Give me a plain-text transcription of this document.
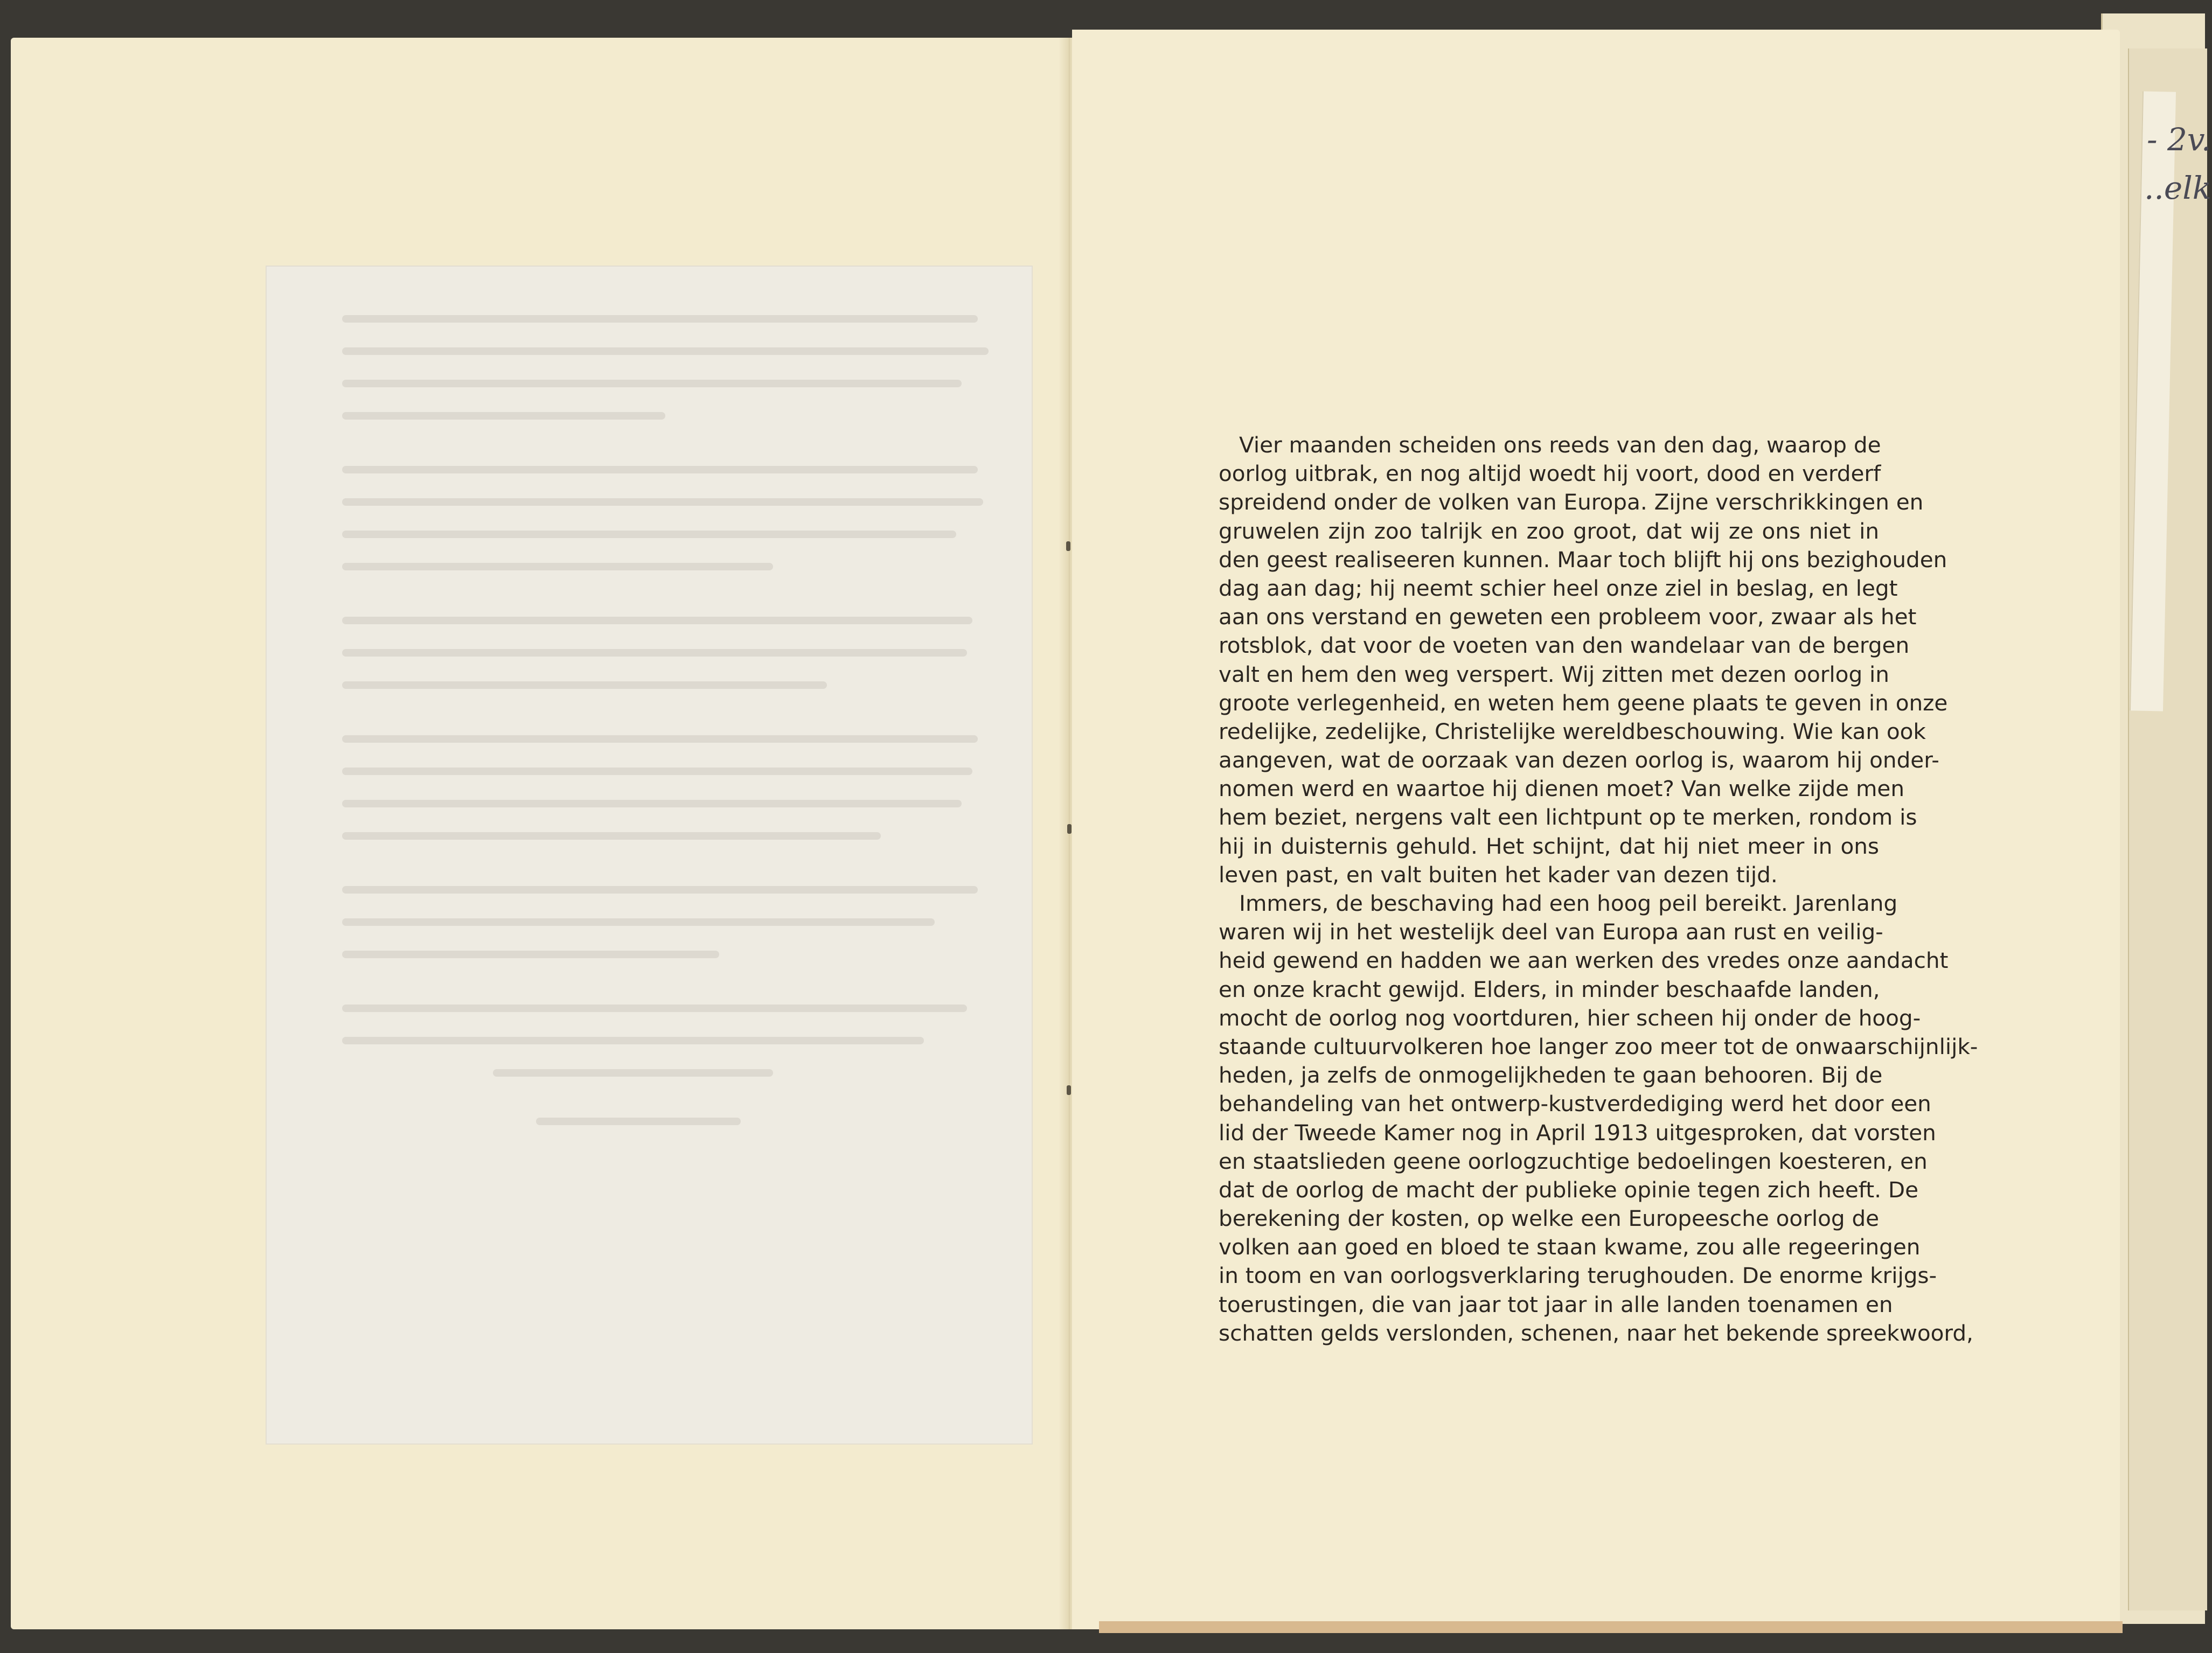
- 2v.
..elk
Vier maanden scheiden ons reeds van den dag, waarop de
oorlog uitbrak, en nog altijd woedt hij voort, dood en verderf
spreidend onder de volken van Europa. Zijne verschrikkingen en
gruwelen zijn zoo talrijk en zoo groot, dat wij ze ons niet in
den geest realiseeren kunnen. Maar toch blijft hij ons bezighouden
dag aan dag; hij neemt schier heel onze ziel in beslag, en legt
aan ons verstand en geweten een probleem voor, zwaar als het
rotsblok, dat voor de voeten van den wandelaar van de bergen
valt en hem den weg verspert. Wij zitten met dezen oorlog in
groote verlegenheid, en weten hem geene plaats te geven in onze
redelijke, zedelijke, Christelijke wereldbeschouwing. Wie kan ook
aangeven, wat de oorzaak van dezen oorlog is, waarom hij onder-
nomen werd en waartoe hij dienen moet? Van welke zijde men
hem beziet, nergens valt een lichtpunt op te merken, rondom is
hij in duisternis gehuld. Het schijnt, dat hij niet meer in ons
leven past, en valt buiten het kader van dezen tijd.
Immers, de beschaving had een hoog peil bereikt. Jarenlang
waren wij in het westelijk deel van Europa aan rust en veilig-
heid gewend en hadden we aan werken des vredes onze aandacht
en onze kracht gewijd. Elders, in minder beschaafde landen,
mocht de oorlog nog voortduren, hier scheen hij onder de hoog-
staande cultuurvolkeren hoe langer zoo meer tot de onwaarschijnlijk-
heden, ja zelfs de onmogelijkheden te gaan behooren. Bij de
behandeling van het ontwerp-kustverdediging werd het door een
lid der Tweede Kamer nog in April 1913 uitgesproken, dat vorsten
en staatslieden geene oorlogzuchtige bedoelingen koesteren, en
dat de oorlog de macht der publieke opinie tegen zich heeft. De
berekening der kosten, op welke een Europeesche oorlog de
volken aan goed en bloed te staan kwame, zou alle regeeringen
in toom en van oorlogsverklaring terughouden. De enorme krijgs-
toerustingen, die van jaar tot jaar in alle landen toenamen en
schatten gelds verslonden, schenen, naar het bekende spreekwoord,
